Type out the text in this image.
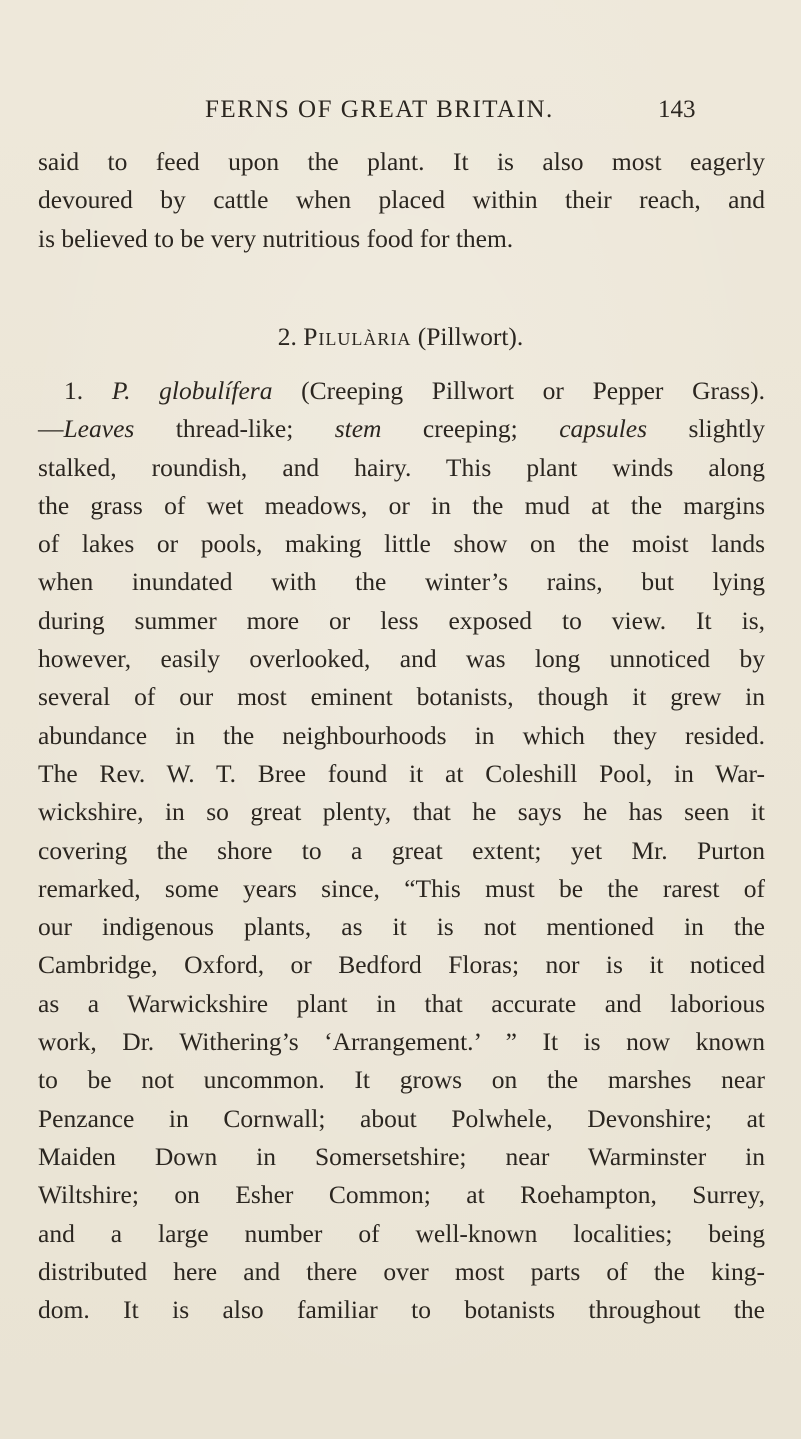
FERNS OF GREAT BRITAIN.	143
said to feed upon the plant. It is also most eagerly
devoured by cattle when placed within their reach, and
is believed to be very nutritious food for them.
2. Pilulària (Pillwort).
1. P. globulífera (Creeping Pillwort or Pepper Grass).
—Leaves thread-like; stem creeping; capsules slightly
stalked, roundish, and hairy. This plant winds along
the grass of wet meadows, or in the mud at the margins
of lakes or pools, making little show on the moist lands
when inundated with the winter’s rains, but lying
during summer more or less exposed to view. It is,
however, easily overlooked, and was long unnoticed by
several of our most eminent botanists, though it grew in
abundance in the neighbourhoods in which they resided.
The Rev. W. T. Bree found it at Coleshill Pool, in War-
wickshire, in so great plenty, that he says he has seen it
covering the shore to a great extent; yet Mr. Purton
remarked, some years since, “This must be the rarest of
our indigenous plants, as it is not mentioned in the
Cambridge, Oxford, or Bedford Floras; nor is it noticed
as a Warwickshire plant in that accurate and laborious
work, Dr. Withering’s ‘Arrangement.’ ” It is now known
to be not uncommon. It grows on the marshes near
Penzance in Cornwall; about Polwhele, Devonshire; at
Maiden Down in Somersetshire; near Warminster in
Wiltshire; on Esher Common; at Roehampton, Surrey,
and a large number of well-known localities; being
distributed here and there over most parts of the king-
dom. It is also familiar to botanists throughout the
